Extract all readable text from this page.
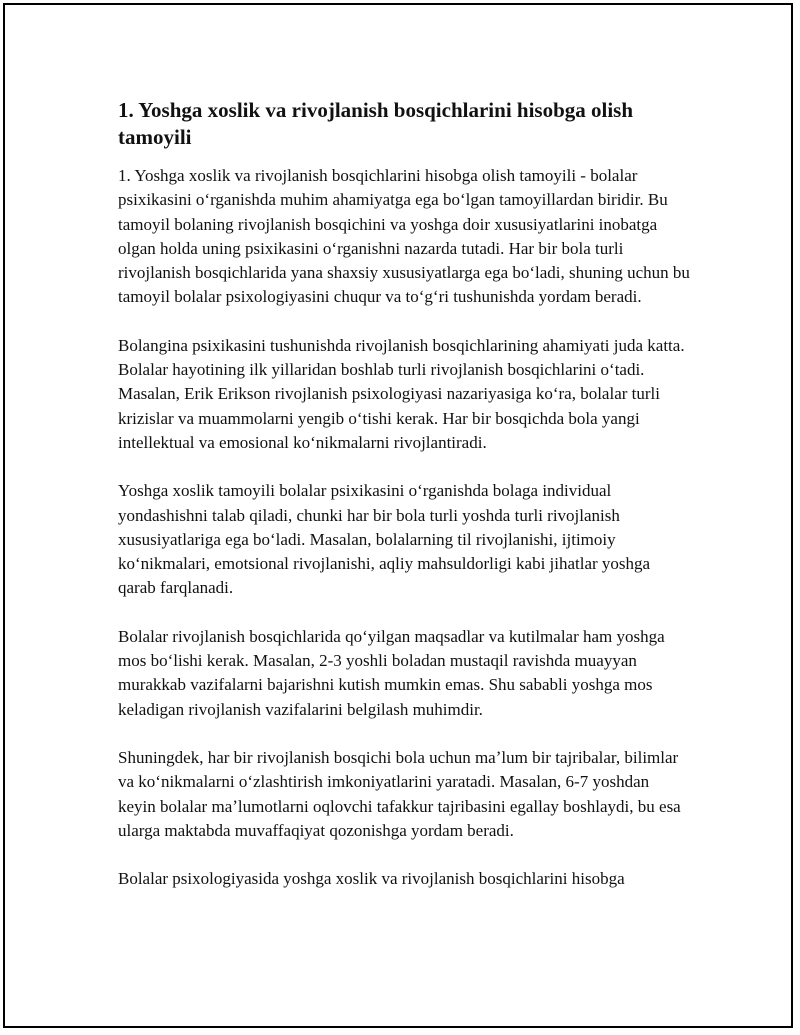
1. Yoshga xoslik va rivojlanish bosqichlarini hisobga olish tamoyili

1. Yoshga xoslik va rivojlanish bosqichlarini hisobga olish tamoyili - bolalar psixikasini oʻrganishda muhim ahamiyatga ega boʻlgan tamoyillardan biridir. Bu tamoyil bolaning rivojlanish bosqichini va yoshga doir xususiyatlarini inobatga olgan holda uning psixikasini oʻrganishni nazarda tutadi. Har bir bola turli rivojlanish bosqichlarida yana shaxsiy xususiyatlarga ega boʻladi, shuning uchun bu tamoyil bolalar psixologiyasini chuqur va toʻgʻri tushunishda yordam beradi.

Bolangina psixikasini tushunishda rivojlanish bosqichlarining ahamiyati juda katta. Bolalar hayotining ilk yillaridan boshlab turli rivojlanish bosqichlarini oʻtadi. Masalan, Erik Erikson rivojlanish psixologiyasi nazariyasiga koʻra, bolalar turli krizislar va muammolarni yengib oʻtishi kerak. Har bir bosqichda bola yangi intellektual va emosional koʻnikmalarni rivojlantiradi.

Yoshga xoslik tamoyili bolalar psixikasini oʻrganishda bolaga individual yondashishni talab qiladi, chunki har bir bola turli yoshda turli rivojlanish xususiyatlariga ega boʻladi. Masalan, bolalarning til rivojlanishi, ijtimoiy koʻnikmalari, emotsional rivojlanishi, aqliy mahsuldorligi kabi jihatlar yoshga qarab farqlanadi.

Bolalar rivojlanish bosqichlarida qoʻyilgan maqsadlar va kutilmalar ham yoshga mos boʻlishi kerak. Masalan, 2-3 yoshli boladan mustaqil ravishda muayyan murakkab vazifalarni bajarishni kutish mumkin emas. Shu sababli yoshga mos keladigan rivojlanish vazifalarini belgilash muhimdir.

Shuningdek, har bir rivojlanish bosqichi bola uchun maʼlum bir tajribalar, bilimlar va koʻnikmalarni oʻzlashtirish imkoniyatlarini yaratadi. Masalan, 6-7 yoshdan keyin bolalar maʼlumotlarni oqlovchi tafakkur tajribasini egallay boshlaydi, bu esa ularga maktabda muvaffaqiyat qozonishga yordam beradi.

Bolalar psixologiyasida yoshga xoslik va rivojlanish bosqichlarini hisobga
